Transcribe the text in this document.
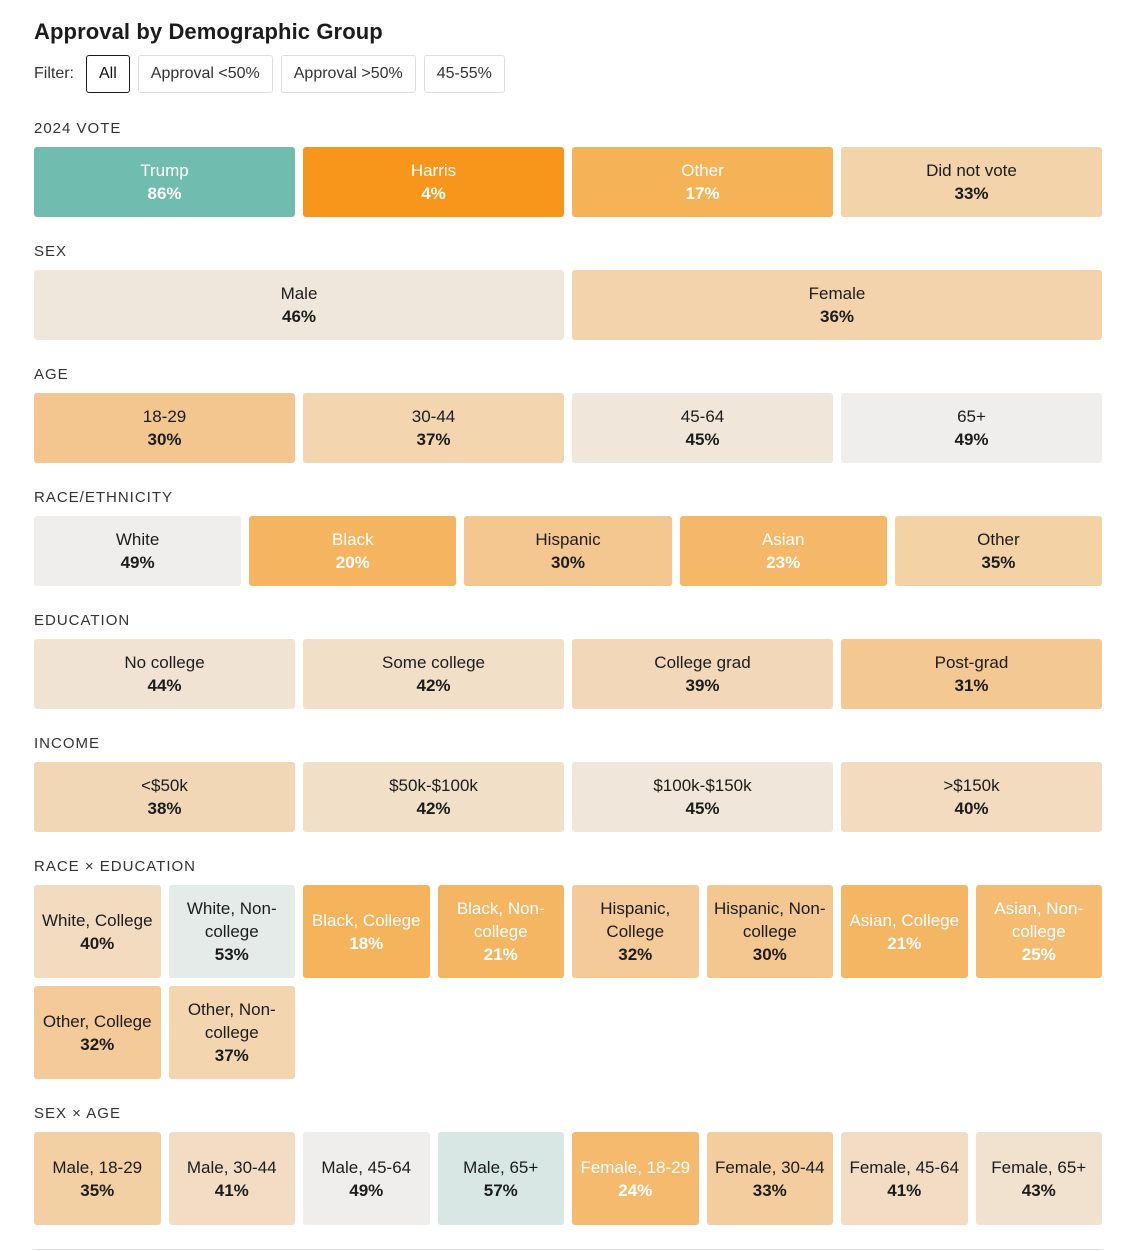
Approval by Demographic Group
Filter:	All	Approval <50%	Approval >50%	45-55%
2024 VOTE
Trump
86%
Harris
4%
Other
17%
Did not vote
33%
SEX
Male
46%
Female
36%
AGE
18-29
30%
30-44
37%
45-64
45%
65+
49%
RACE/ETHNICITY
White
49%
Black
20%
Hispanic
30%
Asian
23%
Other
35%
EDUCATION
No college
44%
Some college
42%
College grad
39%
Post-grad
31%
INCOME
<$50k
38%
$50k-$100k
42%
$100k-$150k
45%
>$150k
40%
RACE × EDUCATION
White, College
40%
White, Non-college
53%
Black, College
18%
Black, Non-college
21%
Hispanic, College
32%
Hispanic, Non-college
30%
Asian, College
21%
Asian, Non-college
25%
Other, College
32%
Other, Non-college
37%
SEX × AGE
Male, 18-29
35%
Male, 30-44
41%
Male, 45-64
49%
Male, 65+
57%
Female, 18-29
24%
Female, 30-44
33%
Female, 45-64
41%
Female, 65+
43%
